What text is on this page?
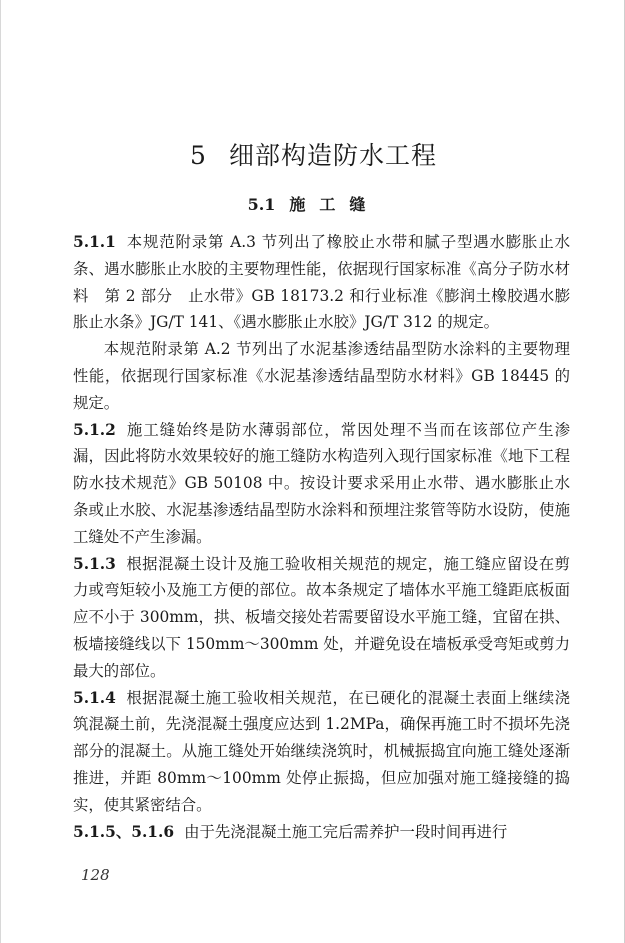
5 细部构造防水工程
5.1 施工缝

5.1.1 本规范附录第 A.3 节列出了橡胶止水带和腻子型遇水膨胀止水条、遇水膨胀止水胶的主要物理性能，依据现行国家标准《高分子防水材料　第 2 部分　止水带》GB 18173.2 和行业标准《膨润土橡胶遇水膨胀止水条》JG/T 141、《遇水膨胀止水胶》JG/T 312 的规定。

本规范附录第 A.2 节列出了水泥基渗透结晶型防水涂料的主要物理性能，依据现行国家标准《水泥基渗透结晶型防水材料》GB 18445 的规定。

5.1.2 施工缝始终是防水薄弱部位，常因处理不当而在该部位产生渗漏，因此将防水效果较好的施工缝防水构造列入现行国家标准《地下工程防水技术规范》GB 50108 中。按设计要求采用止水带、遇水膨胀止水条或止水胶、水泥基渗透结晶型防水涂料和预埋注浆管等防水设防，使施工缝处不产生渗漏。

5.1.3 根据混凝土设计及施工验收相关规范的规定，施工缝应留设在剪力或弯矩较小及施工方便的部位。故本条规定了墙体水平施工缝距底板面应不小于 300mm，拱、板墙交接处若需要留设水平施工缝，宜留在拱、板墙接缝线以下 150mm～300mm 处，并避免设在墙板承受弯矩或剪力最大的部位。

5.1.4 根据混凝土施工验收相关规范，在已硬化的混凝土表面上继续浇筑混凝土前，先浇混凝土强度应达到 1.2MPa，确保再施工时不损坏先浇部分的混凝土。从施工缝处开始继续浇筑时，机械振捣宜向施工缝处逐渐推进，并距 80mm～100mm 处停止振捣，但应加强对施工缝接缝的捣实，使其紧密结合。

5.1.5、5.1.6 由于先浇混凝土施工完后需养护一段时间再进行

128
